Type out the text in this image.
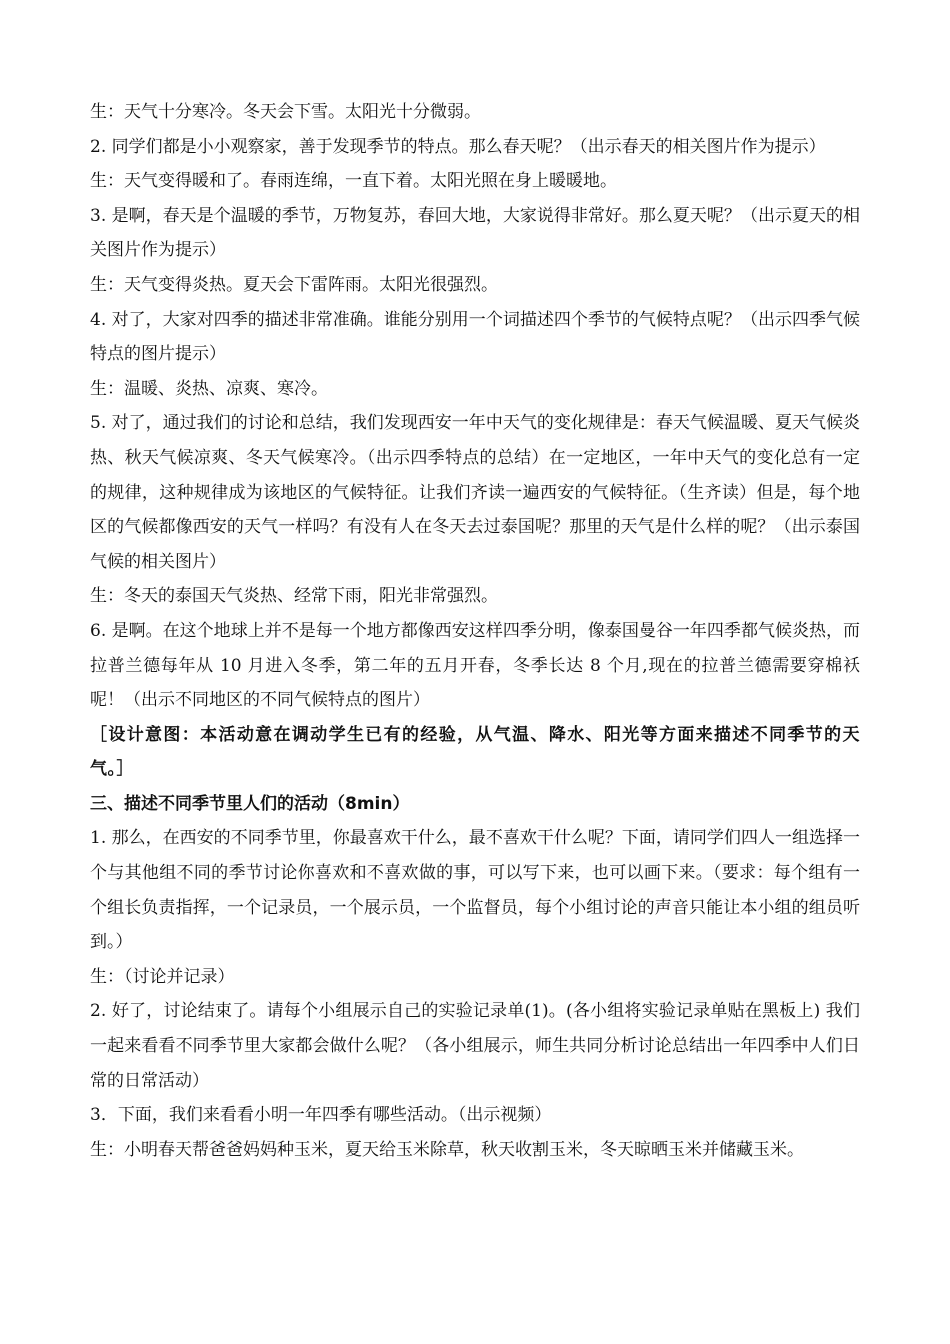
生：天气十分寒冷。冬天会下雪。太阳光十分微弱。

2. 同学们都是小小观察家，善于发现季节的特点。那么春天呢？（出示春天的相关图片作为提示）

生：天气变得暖和了。春雨连绵，一直下着。太阳光照在身上暖暖地。

3. 是啊，春天是个温暖的季节，万物复苏，春回大地，大家说得非常好。那么夏天呢？（出示夏天的相关图片作为提示）

生：天气变得炎热。夏天会下雷阵雨。太阳光很强烈。

4. 对了，大家对四季的描述非常准确。谁能分别用一个词描述四个季节的气候特点呢？（出示四季气候特点的图片提示）

生：温暖、炎热、凉爽、寒冷。

5. 对了，通过我们的讨论和总结，我们发现西安一年中天气的变化规律是：春天气候温暖、夏天气候炎热、秋天气候凉爽、冬天气候寒冷。（出示四季特点的总结）在一定地区，一年中天气的变化总有一定的规律，这种规律成为该地区的气候特征。让我们齐读一遍西安的气候特征。（生齐读）但是，每个地区的气候都像西安的天气一样吗？有没有人在冬天去过泰国呢？那里的天气是什么样的呢？（出示泰国气候的相关图片）

生：冬天的泰国天气炎热、经常下雨，阳光非常强烈。

6. 是啊。在这个地球上并不是每一个地方都像西安这样四季分明，像泰国曼谷一年四季都气候炎热，而拉普兰德每年从 10 月进入冬季，第二年的五月开春，冬季长达 8 个月,现在的拉普兰德需要穿棉袄呢！（出示不同地区的不同气候特点的图片）

［设计意图：本活动意在调动学生已有的经验，从气温、降水、阳光等方面来描述不同季节的天气。］

三、描述不同季节里人们的活动（8min）

1. 那么，在西安的不同季节里，你最喜欢干什么，最不喜欢干什么呢？下面，请同学们四人一组选择一个与其他组不同的季节讨论你喜欢和不喜欢做的事，可以写下来，也可以画下来。（要求：每个组有一个组长负责指挥，一个记录员，一个展示员，一个监督员，每个小组讨论的声音只能让本小组的组员听到。）

生：（讨论并记录）

2. 好了，讨论结束了。请每个小组展示自己的实验记录单(1)。(各小组将实验记录单贴在黑板上) 我们一起来看看不同季节里大家都会做什么呢？（各小组展示，师生共同分析讨论总结出一年四季中人们日常的日常活动）

3．下面，我们来看看小明一年四季有哪些活动。（出示视频）

生：小明春天帮爸爸妈妈种玉米，夏天给玉米除草，秋天收割玉米，冬天晾晒玉米并储藏玉米。
